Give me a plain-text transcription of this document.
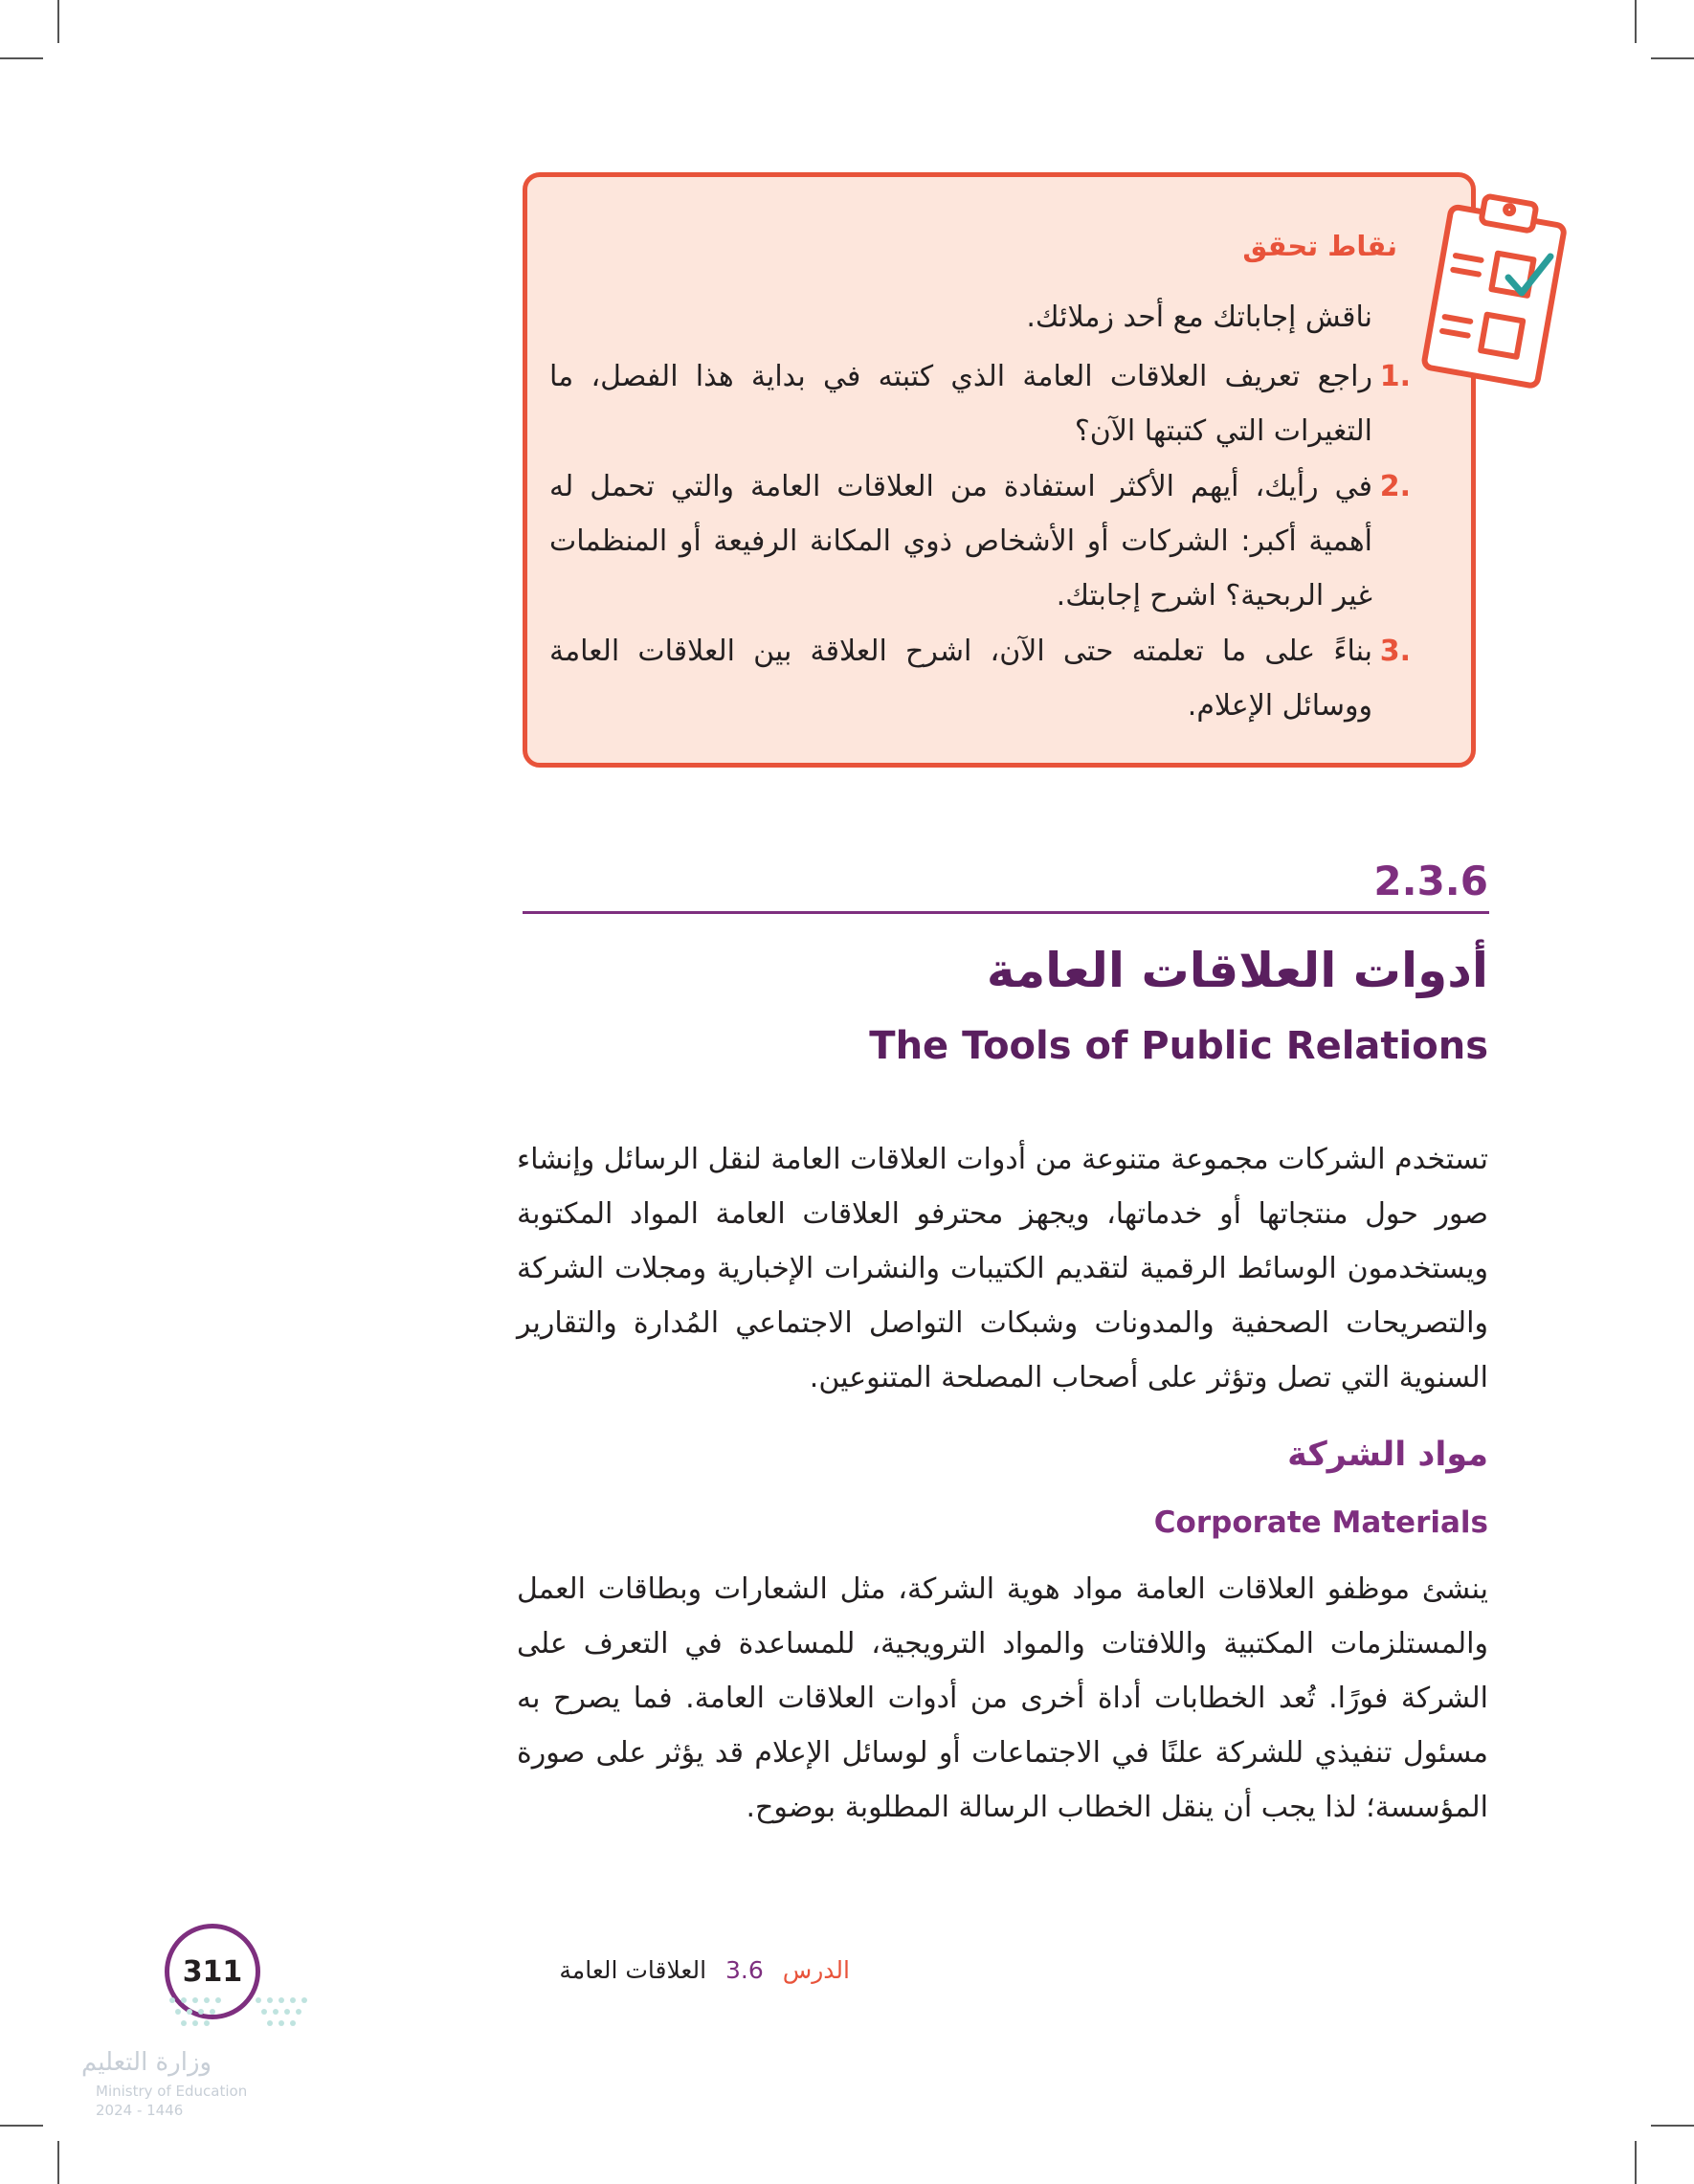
نقاط تحقق
ناقش إجاباتك مع أحد زملائك.
1.
راجع تعريف العلاقات العامة الذي كتبته في بداية هذا الفصل، ما التغيرات التي كتبتها الآن؟
2.
في رأيك، أيهم الأكثر استفادة من العلاقات العامة والتي تحمل له أهمية أكبر: الشركات أو الأشخاص ذوي المكانة الرفيعة أو المنظمات غير الربحية؟ اشرح إجابتك.
3.
بناءً على ما تعلمته حتى الآن، اشرح العلاقة بين العلاقات العامة ووسائل الإعلام.
2.3.6
أدوات العلاقات العامة
The Tools of Public Relations
تستخدم الشركات مجموعة متنوعة من أدوات العلاقات العامة لنقل الرسائل وإنشاء صور حول منتجاتها أو خدماتها، ويجهز محترفو العلاقات العامة المواد المكتوبة ويستخدمون الوسائط الرقمية لتقديم الكتيبات والنشرات الإخبارية ومجلات الشركة والتصريحات الصحفية والمدونات وشبكات التواصل الاجتماعي المُدارة والتقارير السنوية التي تصل وتؤثر على أصحاب المصلحة المتنوعين.
مواد الشركة
Corporate Materials
ينشئ موظفو العلاقات العامة مواد هوية الشركة، مثل الشعارات وبطاقات العمل والمستلزمات المكتبية واللافتات والمواد الترويجية، للمساعدة في التعرف على الشركة فورًا. تُعد الخطابات أداة أخرى من أدوات العلاقات العامة. فما يصرح به مسئول تنفيذي للشركة علنًا في الاجتماعات أو لوسائل الإعلام قد يؤثر على صورة المؤسسة؛ لذا يجب أن ينقل الخطاب الرسالة المطلوبة بوضوح.
311	الدرس 3.6 العلاقات العامة
وزارة التعليم
Ministry of Education
2024 - 1446
